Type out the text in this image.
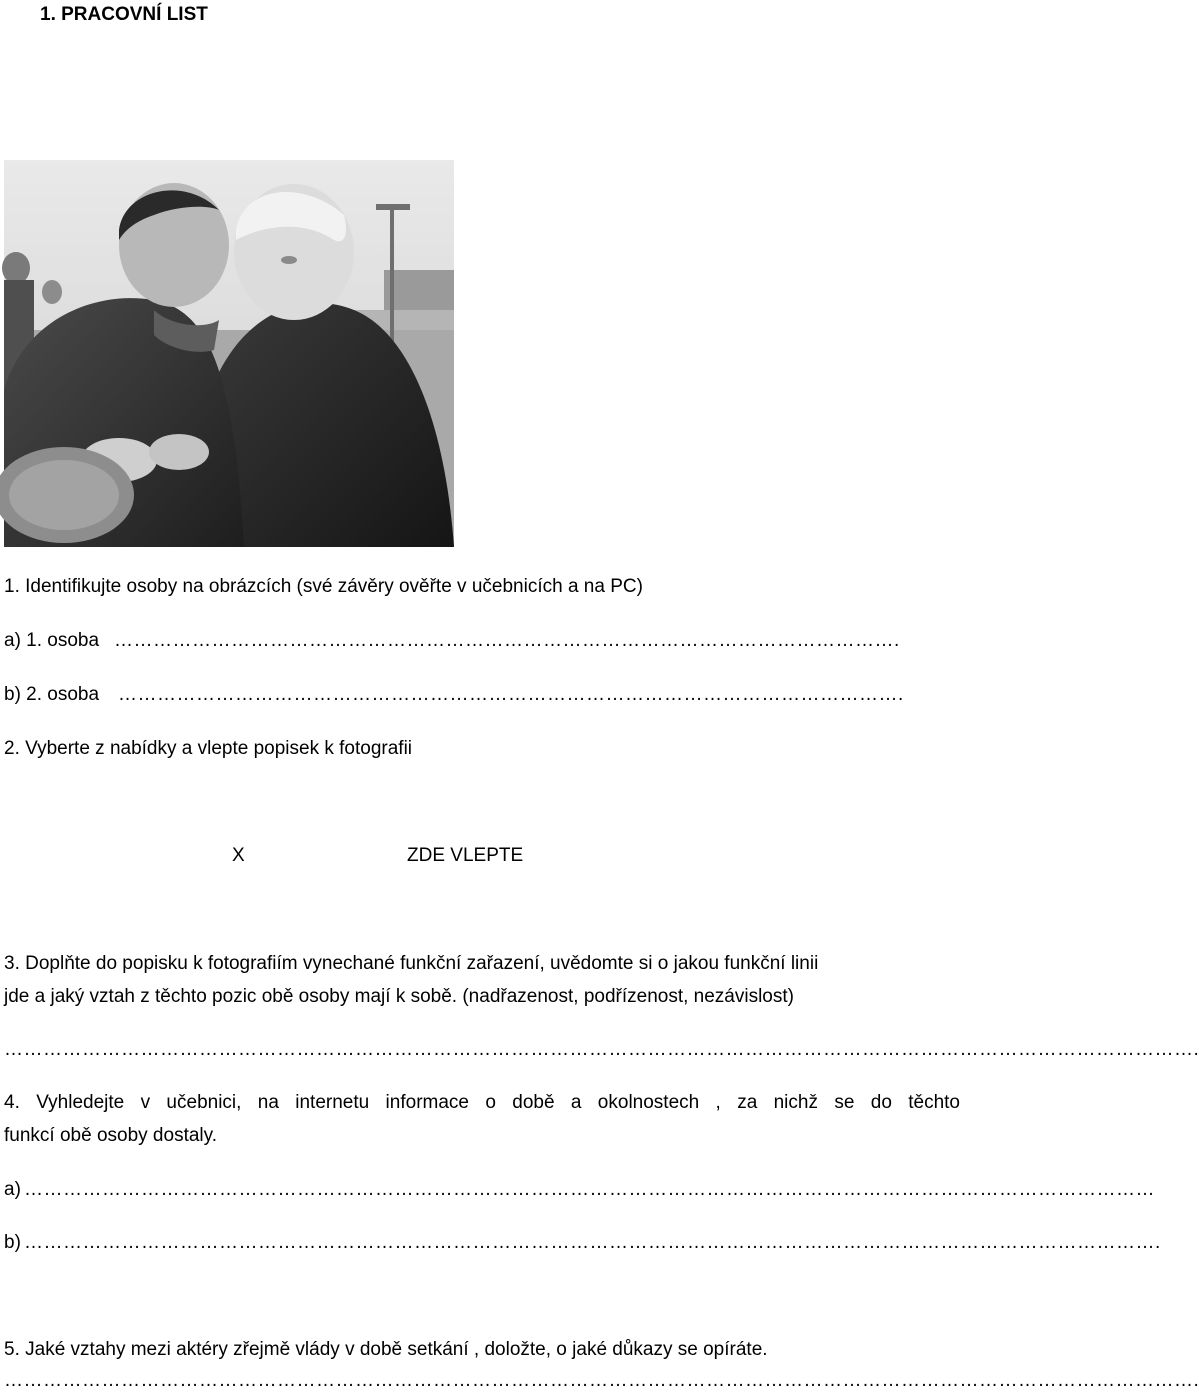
1. PRACOVNÍ LIST
1. Identifikujte osoby na obrázcích (své závěry ověřte v učebnicích a na PC)
a) 1. osoba ………………………………………………………………………………………………………….
b) 2. osoba ………………………………………………………………………………………………………….
2. Vyberte z nabídky a vlepte popisek k fotografii
X	ZDE VLEPTE
3. Doplňte do popisku k fotografiím vynechané funkční zařazení, uvědomte si o jakou funkční linii
jde a jaký vztah z těchto pozic obě osoby mají k sobě. (nadřazenost, podřízenost, nezávislost)
………………………………………………………………………………………………………………………………………………………………….
4. Vyhledejte v učebnici, na internetu informace o době a okolnostech , za nichž se do těchto
funkcí obě osoby dostaly.
a) …………………………………………………………………………………………………………………………………………………………
b) ………………………………………………………………………………………………………………………………………………………….
5. Jaké vztahy mezi aktéry zřejmě vlády v době setkání , doložte, o jaké důkazy se opíráte.
………………………………………………………………………………………………………………………………………………………………….
